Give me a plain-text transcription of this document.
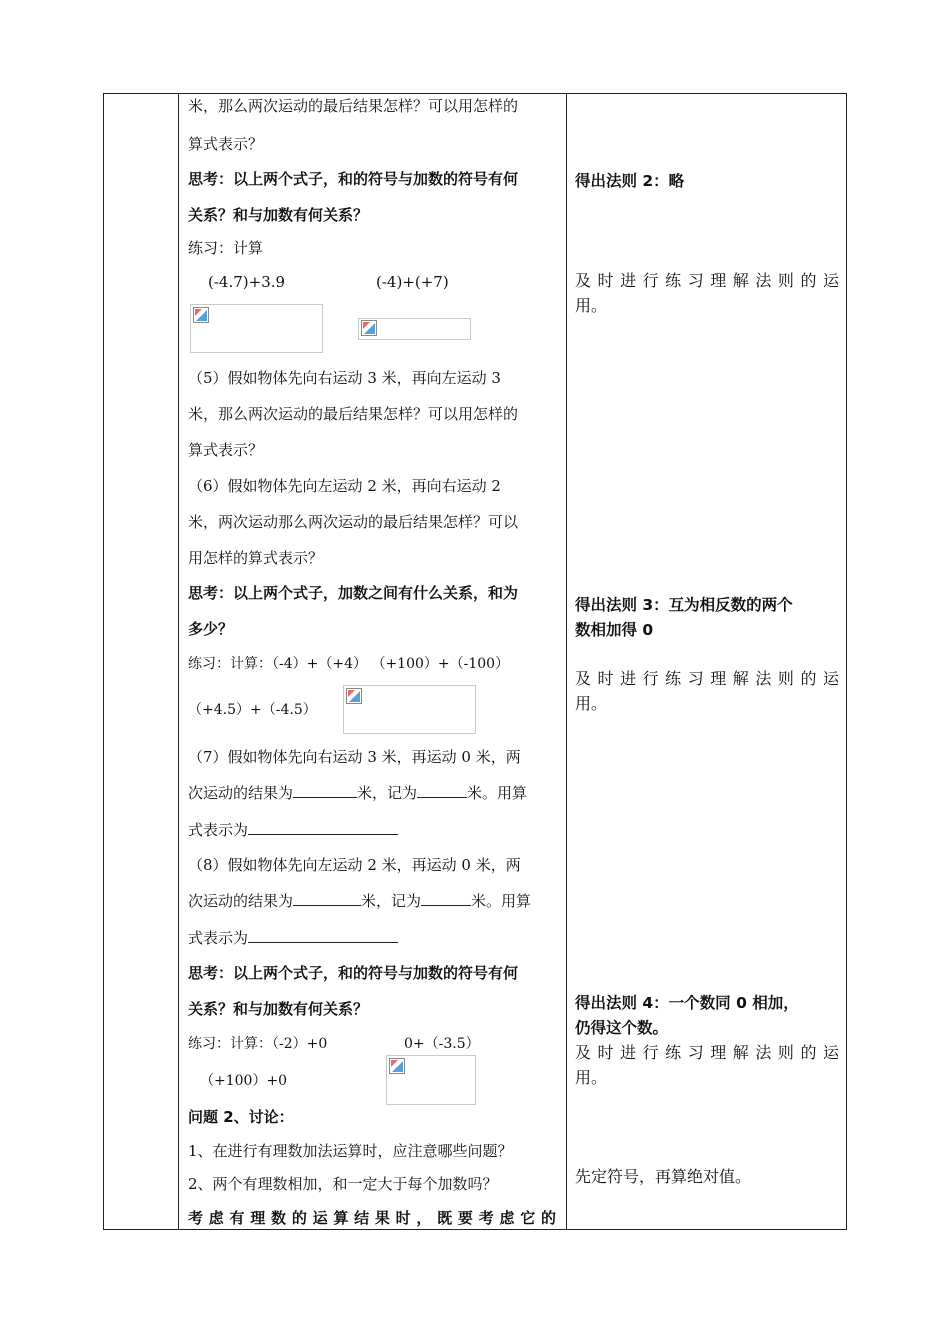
米，那么两次运动的最后结果怎样？可以用怎样的
算式表示？
思考：以上两个式子，和的符号与加数的符号有何
关系？和与加数有何关系？
练习：计算
(-4.7)+3.9	(-4)+(+7)
（5）假如物体先向右运动 3 米，再向左运动 3
米，那么两次运动的最后结果怎样？可以用怎样的
算式表示？
（6）假如物体先向左运动 2 米，再向右运动 2
米，两次运动那么两次运动的最后结果怎样？可以
用怎样的算式表示？
思考：以上两个式子，加数之间有什么关系，和为
多少？
练习：计算：（-4）+（+4） （+100）+（-100）
（+4.5）+（-4.5）
（7）假如物体先向右运动 3 米，再运动 0 米，两
次运动的结果为	米，记为	米。用算
式表示为
（8）假如物体先向左运动 2 米，再运动 0 米，两
次运动的结果为	米，记为	米。用算
式表示为
思考：以上两个式子，和的符号与加数的符号有何
关系？和与加数有何关系？
练习：计算：（-2）+0	0+（-3.5）
（+100）+0
问题 2、讨论：
1、在进行有理数加法运算时，应注意哪些问题？
2、两个有理数相加，和一定大于每个加数吗？
考虑有理数的运算结果时，既要考虑它的
得出法则 2：略
及时进行练习理解法则的运
用。
得出法则 3：互为相反数的两个
数相加得 0
及时进行练习理解法则的运
用。
得出法则 4：一个数同 0 相加，
仍得这个数。
及时进行练习理解法则的运
用。
先定符号，再算绝对值。
